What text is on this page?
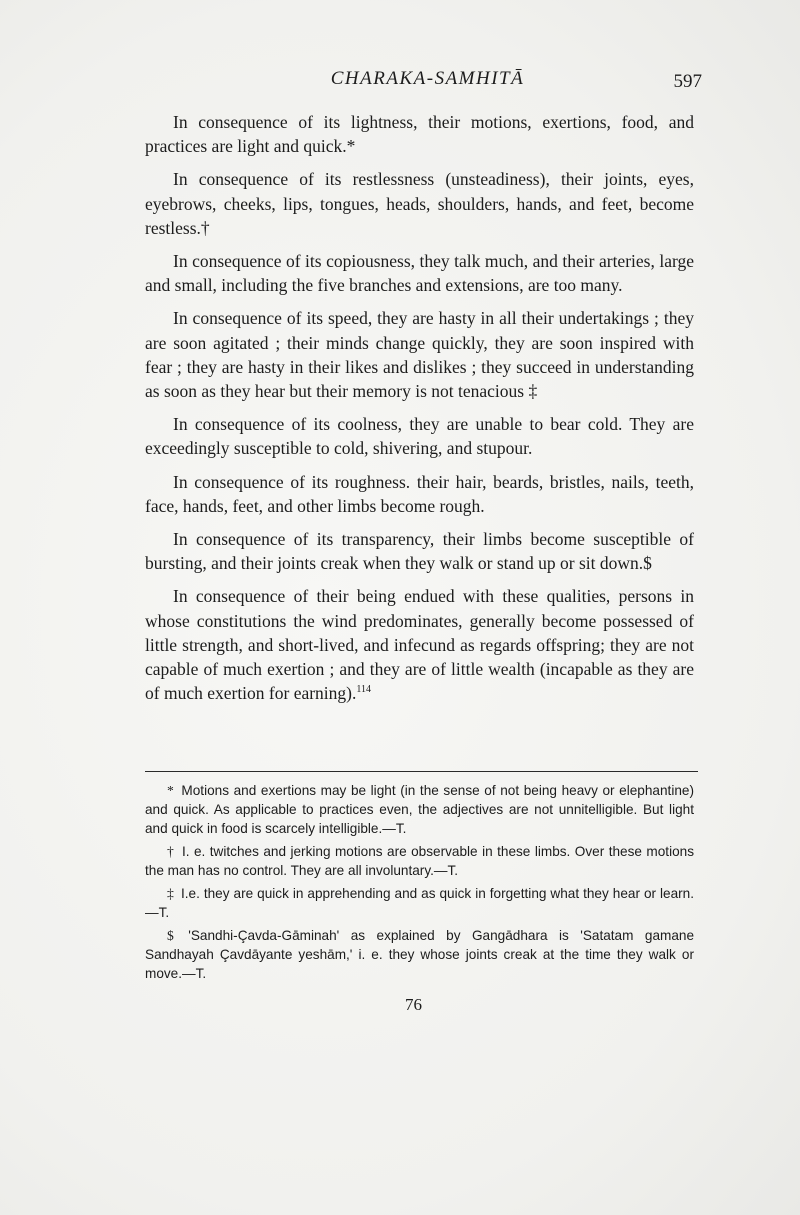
CHARAKA-SAMHITĀ	597

In consequence of its lightness, their motions, exertions, food, and practices are light and quick.*

In consequence of its restlessness (unsteadiness), their joints, eyes, eyebrows, cheeks, lips, tongues, heads, shoulders, hands, and feet, become restless.†

In consequence of its copiousness, they talk much, and their arteries, large and small, including the five branches and extensions, are too many.

In consequence of its speed, they are hasty in all their undertakings ; they are soon agitated ; their minds change quickly, they are soon inspired with fear ; they are hasty in their likes and dislikes ; they succeed in understanding as soon as they hear but their memory is not tenacious ‡

In consequence of its coolness, they are unable to bear cold. They are exceedingly susceptible to cold, shivering, and stupour.

In consequence of its roughness. their hair, beards, bristles, nails, teeth, face, hands, feet, and other limbs become rough.

In consequence of its transparency, their limbs become susceptible of bursting, and their joints creak when they walk or stand up or sit down.$

In consequence of their being endued with these qualities, persons in whose constitutions the wind predominates, generally become possessed of little strength, and short-lived, and infecund as regards offspring; they are not capable of much exertion ; and they are of little wealth (incapable as they are of much exertion for earning).$^{114}$

* Motions and exertions may be light (in the sense of not being heavy or elephantine) and quick. As applicable to practices even, the adjectives are not unnitelligible. But light and quick in food is scarcely intelligible.—T.

† I. e. twitches and jerking motions are observable in these limbs. Over these motions the man has no control. They are all involuntary.—T.

‡ I.e. they are quick in apprehending and as quick in forgetting what they hear or learn.—T.

$ 'Sandhi-Çavda-Gāminah' as explained by Gangādhara is 'Satatam gamane Sandhayah Çavdāyante yeshām,' i. e. they whose joints creak at the time they walk or move.—T.

76
